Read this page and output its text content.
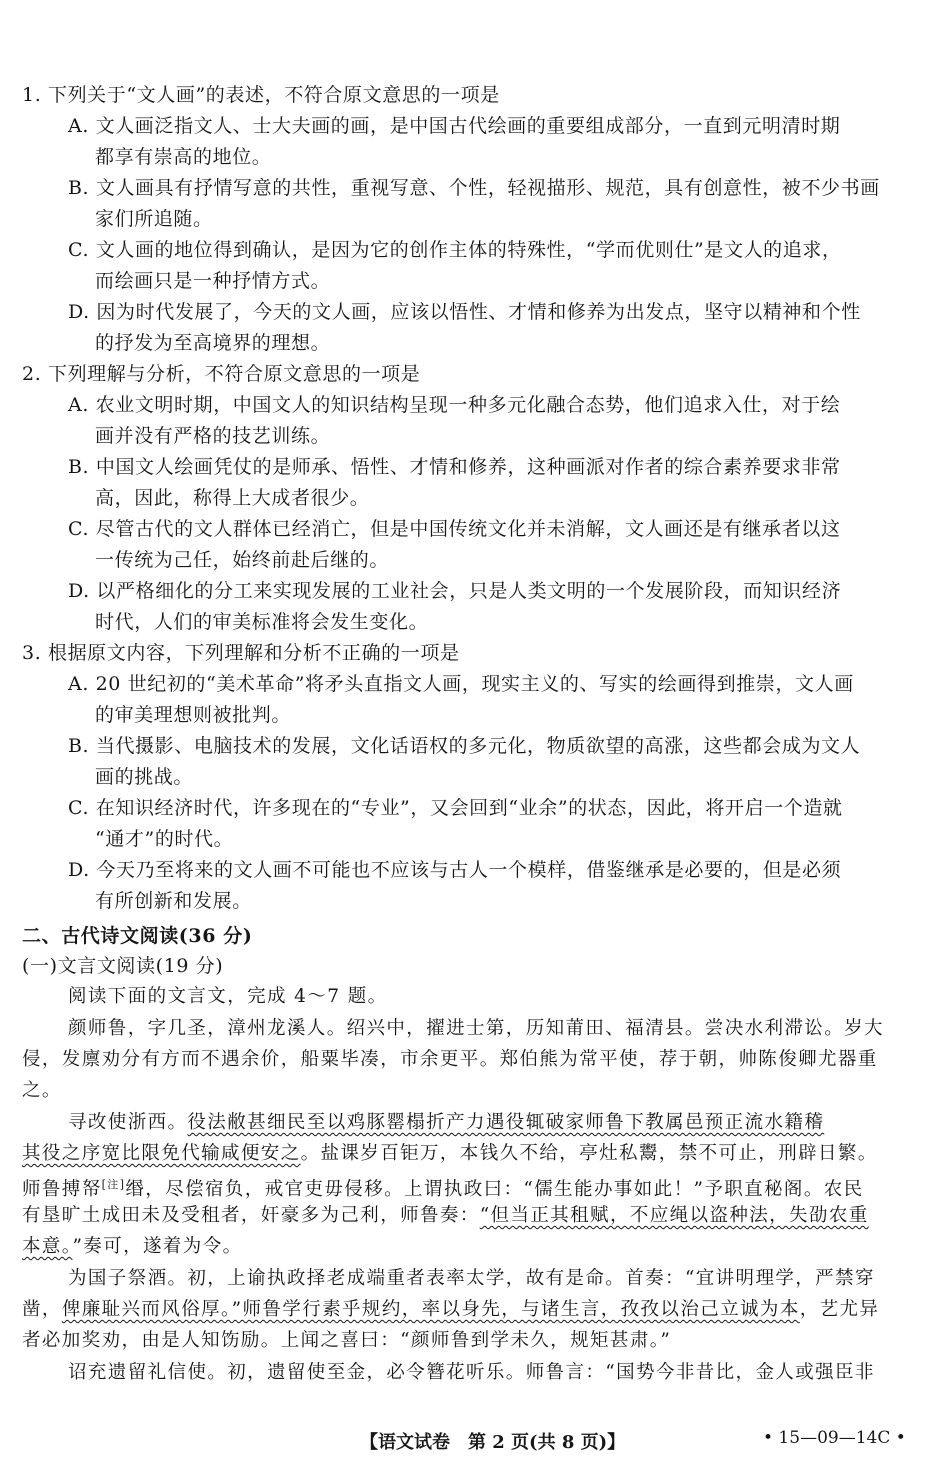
1. 下列关于“文人画”的表述，不符合原文意思的一项是
A. 文人画泛指文人、士大夫画的画，是中国古代绘画的重要组成部分，一直到元明清时期
都享有崇高的地位。
B. 文人画具有抒情写意的共性，重视写意、个性，轻视描形、规范，具有创意性，被不少书画
家们所追随。
C. 文人画的地位得到确认，是因为它的创作主体的特殊性，“学而优则仕”是文人的追求，
而绘画只是一种抒情方式。
D. 因为时代发展了，今天的文人画，应该以悟性、才情和修养为出发点，坚守以精神和个性
的抒发为至高境界的理想。
2. 下列理解与分析，不符合原文意思的一项是
A. 农业文明时期，中国文人的知识结构呈现一种多元化融合态势，他们追求入仕，对于绘
画并没有严格的技艺训练。
B. 中国文人绘画凭仗的是师承、悟性、才情和修养，这种画派对作者的综合素养要求非常
高，因此，称得上大成者很少。
C. 尽管古代的文人群体已经消亡，但是中国传统文化并未消解，文人画还是有继承者以这
一传统为己任，始终前赴后继的。
D. 以严格细化的分工来实现发展的工业社会，只是人类文明的一个发展阶段，而知识经济
时代，人们的审美标准将会发生变化。
3. 根据原文内容，下列理解和分析不正确的一项是
A. 20 世纪初的“美术革命”将矛头直指文人画，现实主义的、写实的绘画得到推崇，文人画
的审美理想则被批判。
B. 当代摄影、电脑技术的发展，文化话语权的多元化，物质欲望的高涨，这些都会成为文人
画的挑战。
C. 在知识经济时代，许多现在的“专业”，又会回到“业余”的状态，因此，将开启一个造就
“通才”的时代。
D. 今天乃至将来的文人画不可能也不应该与古人一个模样，借鉴继承是必要的，但是必须
有所创新和发展。
二、古代诗文阅读(36 分)
(一)文言文阅读(19 分)
阅读下面的文言文，完成 4～7 题。
颜师鲁，字几圣，漳州龙溪人。绍兴中，擢进士第，历知莆田、福清县。尝决水利滞讼。岁大
侵，发廪劝分有方而不遇余价，船粟毕凑，市余更平。郑伯熊为常平使，荐于朝，帅陈俊卿尤器重
之。
寻改使浙西。役法敝甚细民至以鸡豚罂榻折产力遇役辄破家师鲁下教属邑预正流水籍稽
其役之序宽比限免代输咸便安之。盐课岁百钜万，本钱久不给，亭灶私鬻，禁不可止，刑辟日繁。
师鲁搏帑[注]缗，尽偿宿负，戒官吏毋侵移。上谓执政曰：“儒生能办事如此！”予职直秘阁。农民
有垦旷土成田未及受租者，奸豪多为己利，师鲁奏：“但当正其租赋，不应绳以盗种法，失劭农重
本意。”奏可，遂着为令。
为国子祭酒。初，上谕执政择老成端重者表率太学，故有是命。首奏：“宜讲明理学，严禁穿
凿，俾廉耻兴而风俗厚。”师鲁学行素乎规约，率以身先，与诸生言，孜孜以治己立诚为本，艺尤异
者必加奖劝，由是人知饬励。上闻之喜曰：“颜师鲁到学未久，规矩甚肃。”
诏充遗留礼信使。初，遗留使至金，必令簪花听乐。师鲁言：“国势今非昔比，金人或强臣非
【语文试卷　第 2 页(共 8 页)】	• 15—09—14C •
